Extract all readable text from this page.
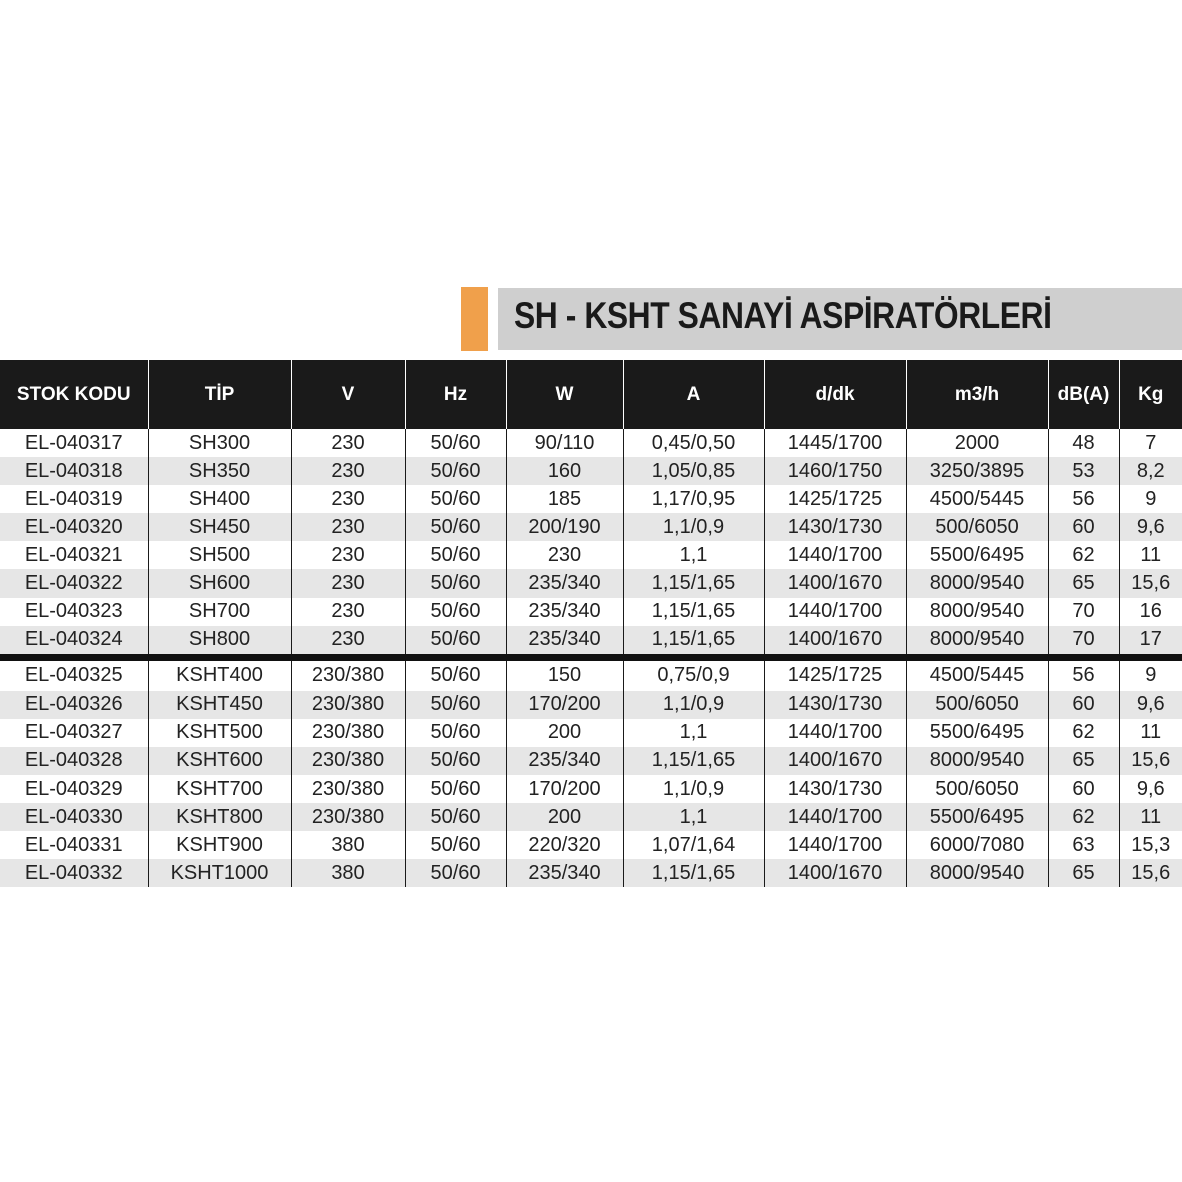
SH - KSHT SANAYİ ASPİRATÖRLERİ
STOK KODU	TİP	V	Hz	W	A	d/dk	m3/h	dB(A)	Kg
EL-040317	SH300	230	50/60	90/110	0,45/0,50	1445/1700	2000	48	7
EL-040318	SH350	230	50/60	160	1,05/0,85	1460/1750	3250/3895	53	8,2
EL-040319	SH400	230	50/60	185	1,17/0,95	1425/1725	4500/5445	56	9
EL-040320	SH450	230	50/60	200/190	1,1/0,9	1430/1730	500/6050	60	9,6
EL-040321	SH500	230	50/60	230	1,1	1440/1700	5500/6495	62	11
EL-040322	SH600	230	50/60	235/340	1,15/1,65	1400/1670	8000/9540	65	15,6
EL-040323	SH700	230	50/60	235/340	1,15/1,65	1440/1700	8000/9540	70	16
EL-040324	SH800	230	50/60	235/340	1,15/1,65	1400/1670	8000/9540	70	17
EL-040325	KSHT400	230/380	50/60	150	0,75/0,9	1425/1725	4500/5445	56	9
EL-040326	KSHT450	230/380	50/60	170/200	1,1/0,9	1430/1730	500/6050	60	9,6
EL-040327	KSHT500	230/380	50/60	200	1,1	1440/1700	5500/6495	62	11
EL-040328	KSHT600	230/380	50/60	235/340	1,15/1,65	1400/1670	8000/9540	65	15,6
EL-040329	KSHT700	230/380	50/60	170/200	1,1/0,9	1430/1730	500/6050	60	9,6
EL-040330	KSHT800	230/380	50/60	200	1,1	1440/1700	5500/6495	62	11
EL-040331	KSHT900	380	50/60	220/320	1,07/1,64	1440/1700	6000/7080	63	15,3
EL-040332	KSHT1000	380	50/60	235/340	1,15/1,65	1400/1670	8000/9540	65	15,6
